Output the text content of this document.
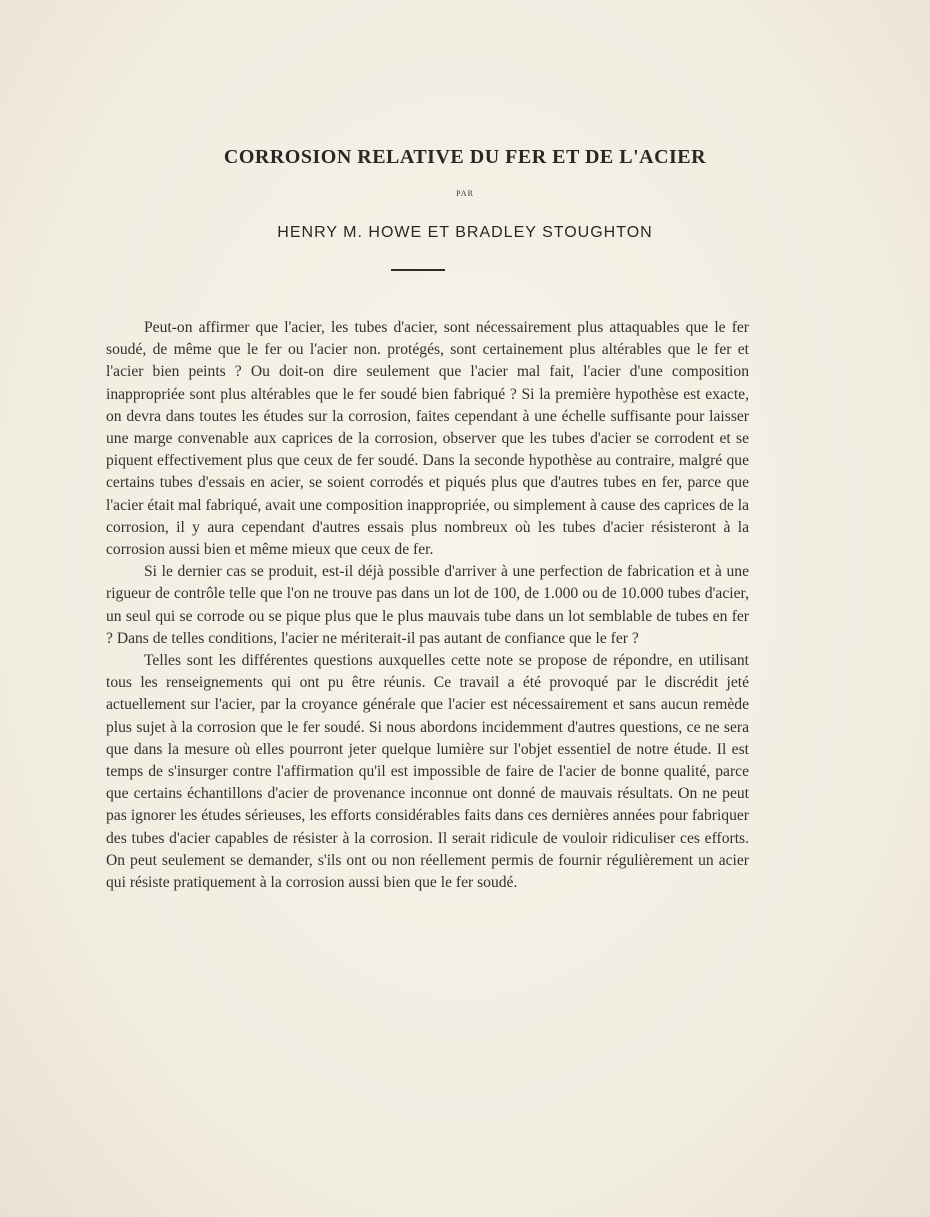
CORROSION RELATIVE DU FER ET DE L'ACIER
PAR
HENRY M. HOWE ET BRADLEY STOUGHTON

Peut-on affirmer que l'acier, les tubes d'acier, sont nécessairement plus attaquables que le fer soudé, de même que le fer ou l'acier non. protégés, sont certainement plus altérables que le fer et l'acier bien peints ? Ou doit-on dire seulement que l'acier mal fait, l'acier d'une composition inappropriée sont plus altérables que le fer soudé bien fabriqué ? Si la première hypothèse est exacte, on devra dans toutes les études sur la corrosion, faites cependant à une échelle suffisante pour laisser une marge convenable aux caprices de la corrosion, observer que les tubes d'acier se corrodent et se piquent effectivement plus que ceux de fer soudé. Dans la seconde hypothèse au contraire, malgré que certains tubes d'essais en acier, se soient corrodés et piqués plus que d'autres tubes en fer, parce que l'acier était mal fabriqué, avait une composition inappropriée, ou simplement à cause des caprices de la corrosion, il y aura cependant d'autres essais plus nombreux où les tubes d'acier résisteront à la corrosion aussi bien et même mieux que ceux de fer.

Si le dernier cas se produit, est-il déjà possible d'arriver à une perfection de fabrication et à une rigueur de contrôle telle que l'on ne trouve pas dans un lot de 100, de 1.000 ou de 10.000 tubes d'acier, un seul qui se corrode ou se pique plus que le plus mauvais tube dans un lot semblable de tubes en fer ? Dans de telles conditions, l'acier ne mériterait-il pas autant de confiance que le fer ?

Telles sont les différentes questions auxquelles cette note se propose de répondre, en utilisant tous les renseignements qui ont pu être réunis. Ce travail a été provoqué par le discrédit jeté actuellement sur l'acier, par la croyance générale que l'acier est nécessairement et sans aucun remède plus sujet à la corrosion que le fer soudé. Si nous abordons incidemment d'autres questions, ce ne sera que dans la mesure où elles pourront jeter quelque lumière sur l'objet essentiel de notre étude. Il est temps de s'insurger contre l'affirmation qu'il est impossible de faire de l'acier de bonne qualité, parce que certains échantillons d'acier de provenance inconnue ont donné de mauvais résultats. On ne peut pas ignorer les études sérieuses, les efforts considérables faits dans ces dernières années pour fabriquer des tubes d'acier capables de résister à la corrosion. Il serait ridicule de vouloir ridiculiser ces efforts. On peut seulement se demander, s'ils ont ou non réellement permis de fournir régulièrement un acier qui résiste pratiquement à la corrosion aussi bien que le fer soudé.
